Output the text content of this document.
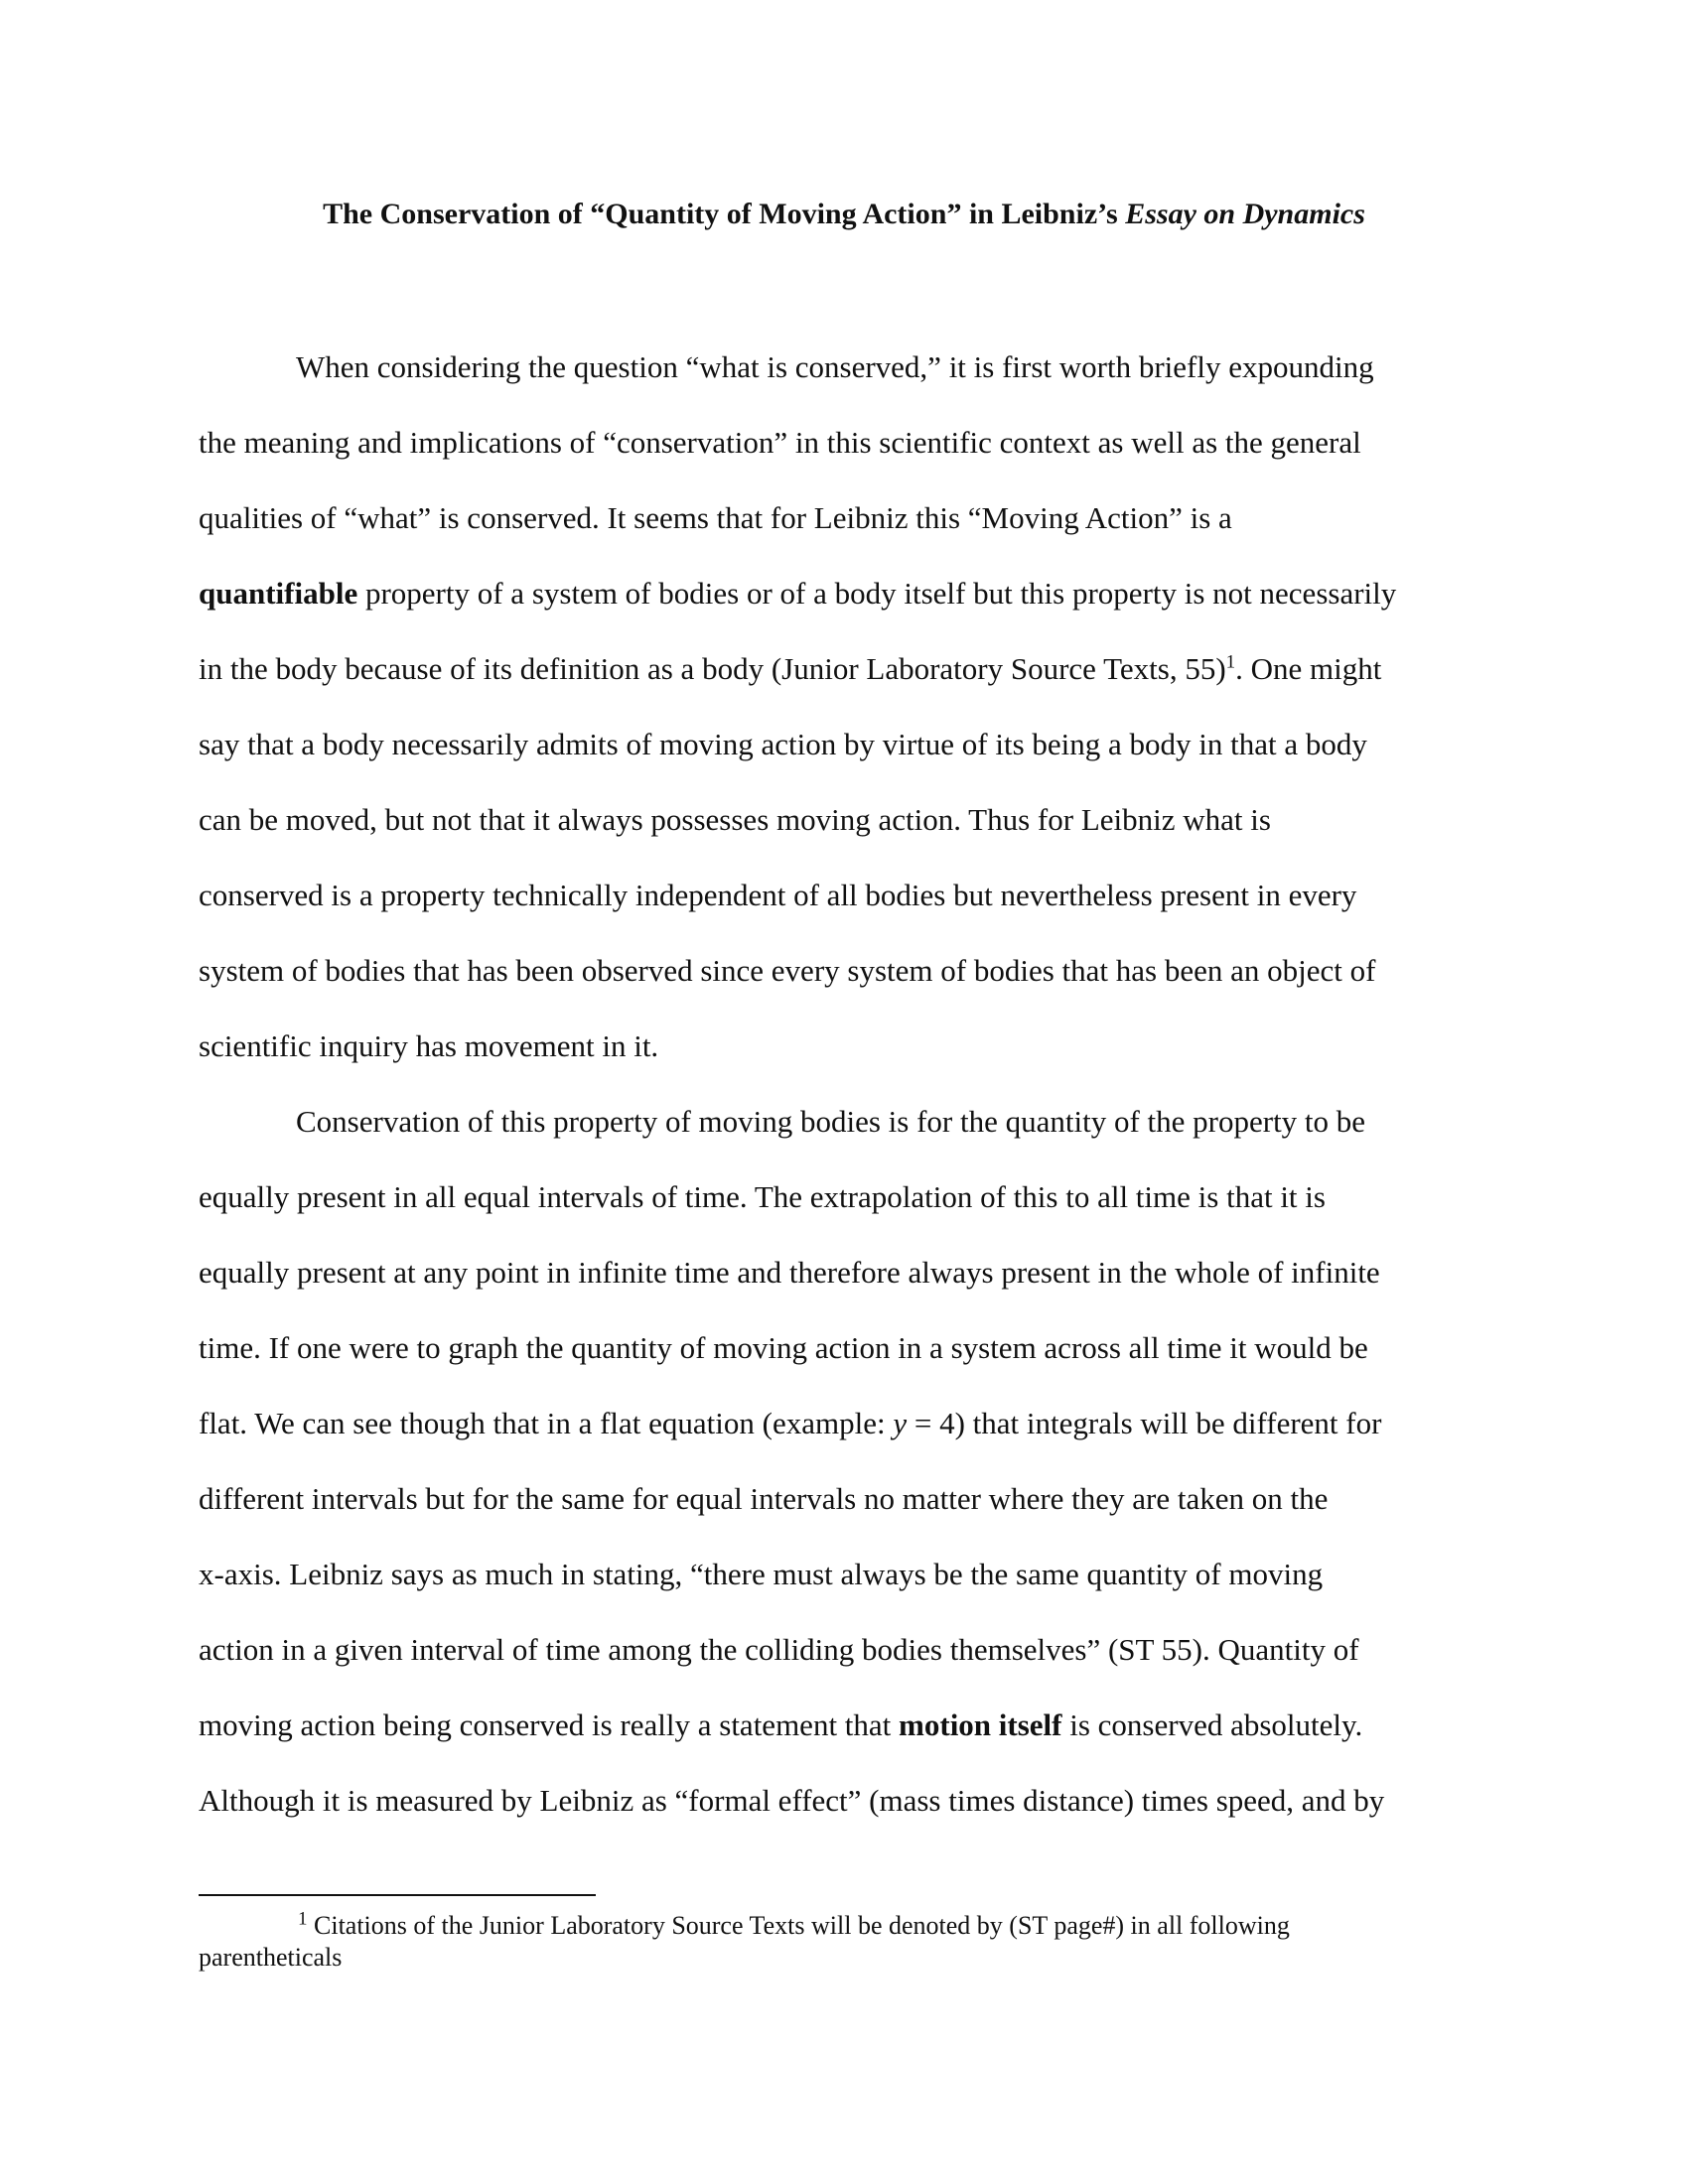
The Conservation of “Quantity of Moving Action” in Leibniz’s Essay on Dynamics
When considering the question “what is conserved,” it is first worth briefly expounding
the meaning and implications of “conservation” in this scientific context as well as the general
qualities of “what” is conserved. It seems that for Leibniz this “Moving Action” is a
quantifiable property of a system of bodies or of a body itself but this property is not necessarily
in the body because of its definition as a body (Junior Laboratory Source Texts, 55)$^1$. One might
say that a body necessarily admits of moving action by virtue of its being a body in that a body
can be moved, but not that it always possesses moving action. Thus for Leibniz what is
conserved is a property technically independent of all bodies but nevertheless present in every
system of bodies that has been observed since every system of bodies that has been an object of
scientific inquiry has movement in it.
Conservation of this property of moving bodies is for the quantity of the property to be
equally present in all equal intervals of time. The extrapolation of this to all time is that it is
equally present at any point in infinite time and therefore always present in the whole of infinite
time. If one were to graph the quantity of moving action in a system across all time it would be
flat. We can see though that in a flat equation (example: y = 4) that integrals will be different for
different intervals but for the same for equal intervals no matter where they are taken on the
x-axis. Leibniz says as much in stating, “there must always be the same quantity of moving
action in a given interval of time among the colliding bodies themselves” (ST 55). Quantity of
moving action being conserved is really a statement that motion itself is conserved absolutely.
Although it is measured by Leibniz as “formal effect” (mass times distance) times speed, and by
$^1$ Citations of the Junior Laboratory Source Texts will be denoted by (ST page#) in all following
parentheticals
